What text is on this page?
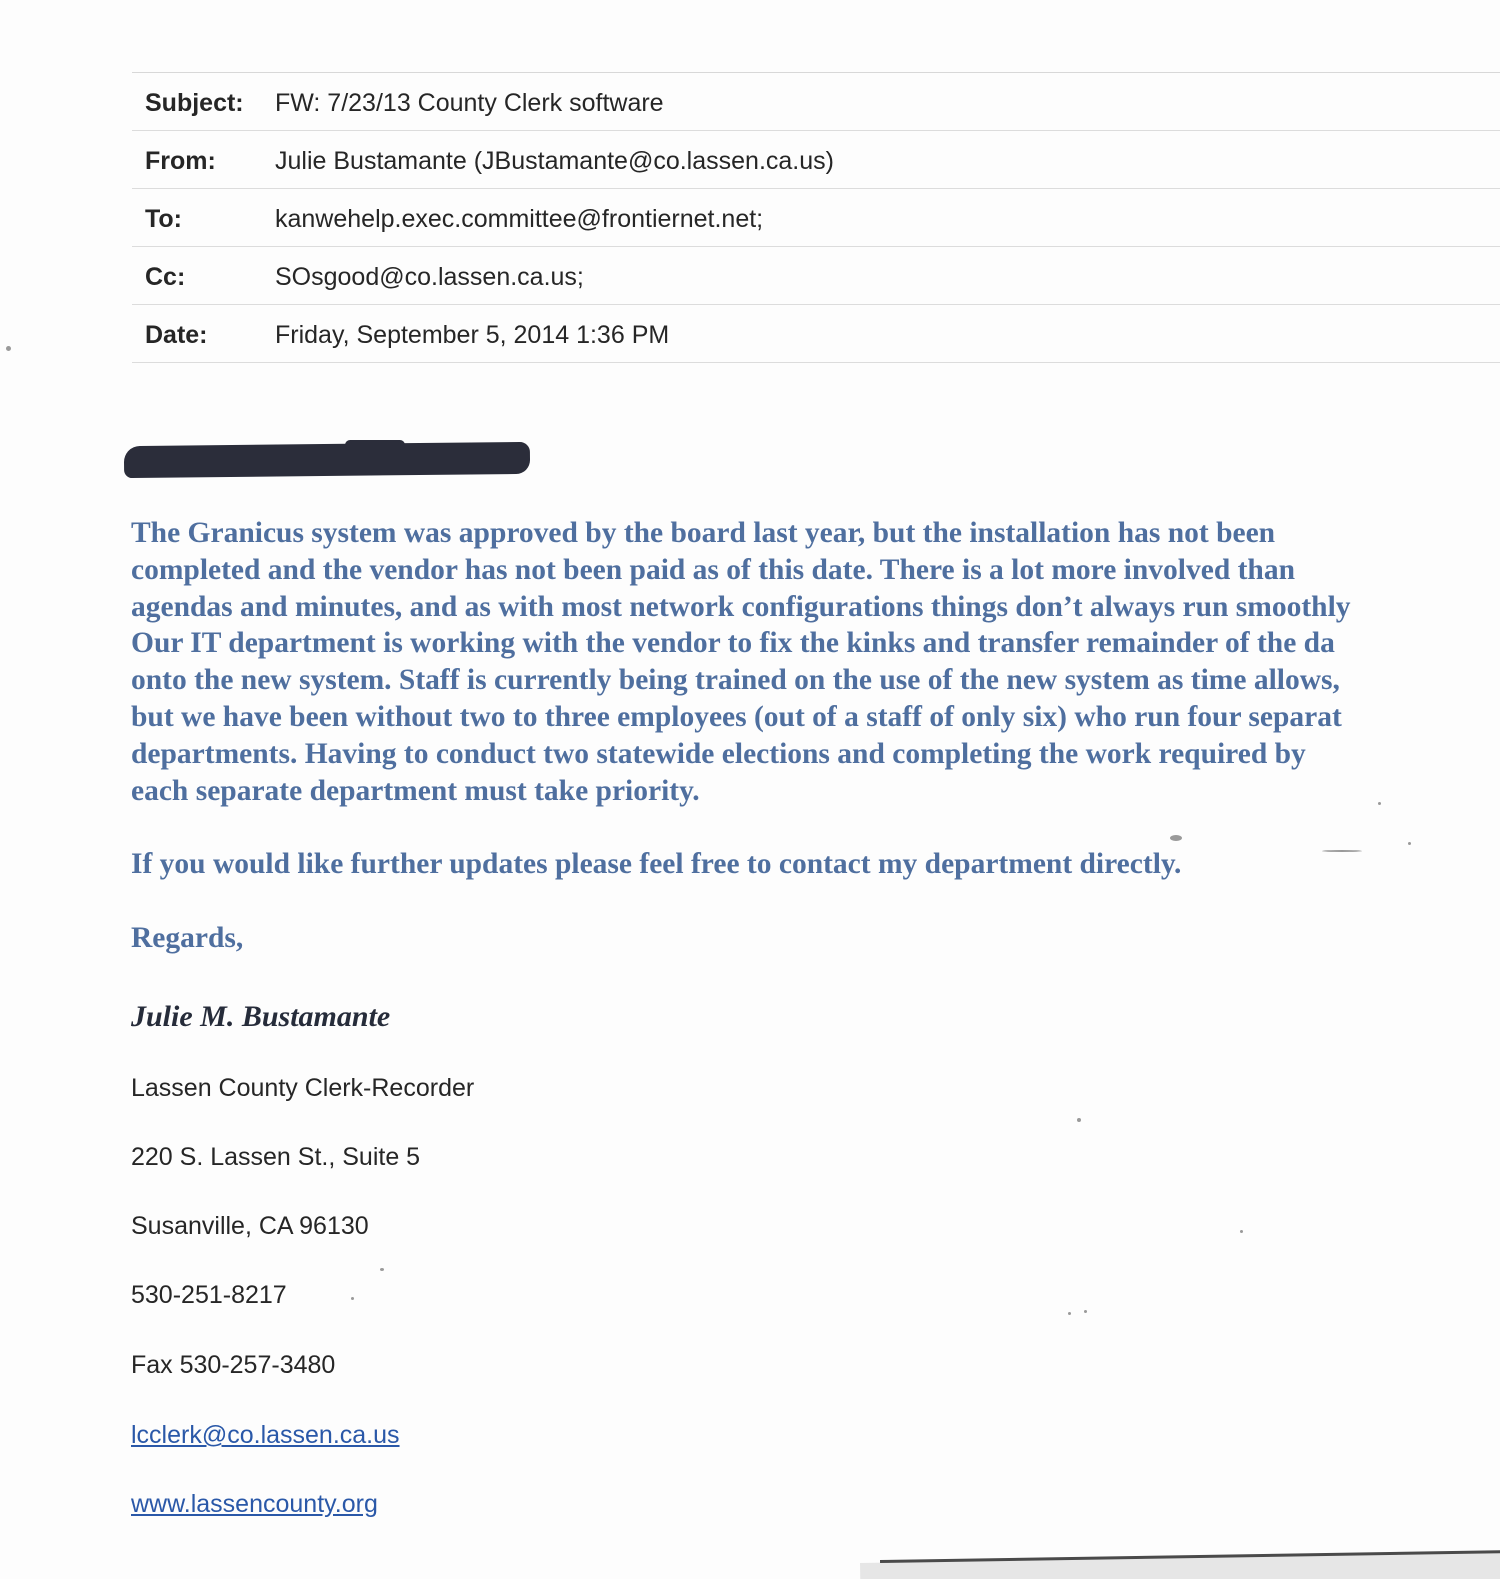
Subject: FW: 7/23/13 County Clerk software
From: Julie Bustamante (JBustamante@co.lassen.ca.us)
To:	kanwehelp.exec.committee@frontiernet.net;
Cc:	SOsgood@co.lassen.ca.us;
Date:	Friday, September 5, 2014 1:36 PM
The Granicus system was approved by the board last year, but the installation has not been
completed and the vendor has not been paid as of this date. There is a lot more involved than
agendas and minutes, and as with most network configurations things don’t always run smoothly
Our IT department is working with the vendor to fix the kinks and transfer remainder of the da
onto the new system. Staff is currently being trained on the use of the new system as time allows,
but we have been without two to three employees (out of a staff of only six) who run four separat
departments. Having to conduct two statewide elections and completing the work required by
each separate department must take priority.
If you would like further updates please feel free to contact my department directly.
Regards,
Julie M. Bustamante
Lassen County Clerk-Recorder
220 S. Lassen St., Suite 5
Susanville, CA 96130
530-251-8217
Fax 530-257-3480
lcclerk@co.lassen.ca.us
www.lassencounty.org
